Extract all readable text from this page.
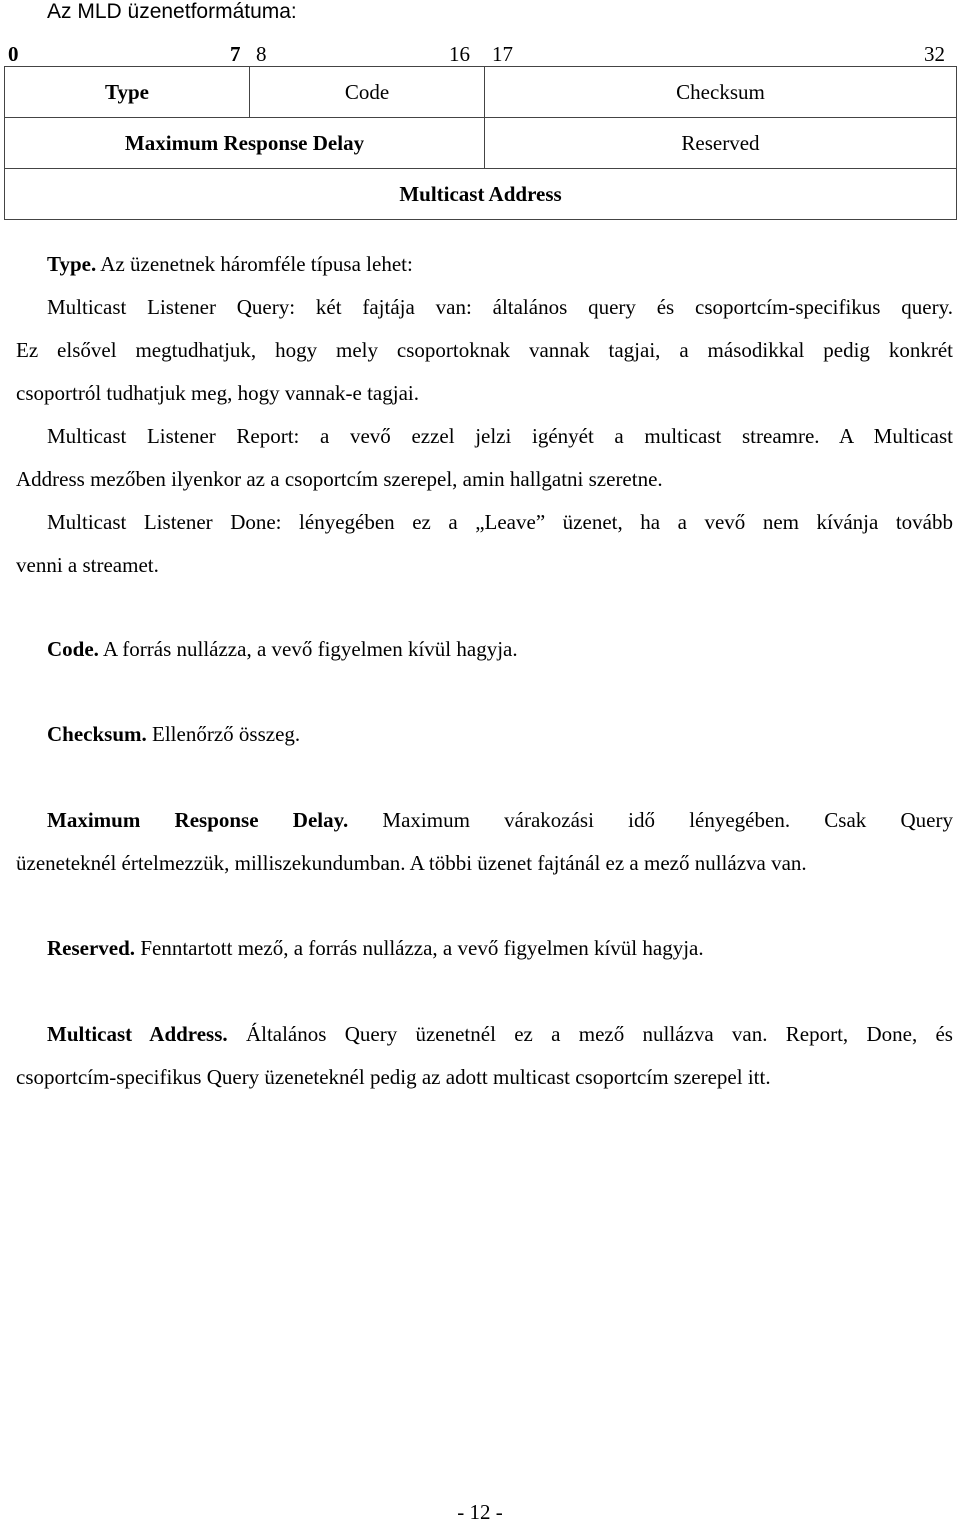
Az MLD üzenetformátuma:
0	7 8	16 17	32
Type	Code	Checksum
Maximum Response Delay		Reserved
Multicast Address		
Type. Az üzenetnek háromféle típusa lehet:
Multicast Listener Query: két fajtája van: általános query és csoportcím-specifikus query.
Ez elsővel megtudhatjuk, hogy mely csoportoknak vannak tagjai, a másodikkal pedig konkrét
csoportról tudhatjuk meg, hogy vannak-e tagjai.
Multicast Listener Report: a vevő ezzel jelzi igényét a multicast streamre. A Multicast
Address mezőben ilyenkor az a csoportcím szerepel, amin hallgatni szeretne.
Multicast Listener Done: lényegében ez a „Leave” üzenet, ha a vevő nem kívánja tovább
venni a streamet.
Code. A forrás nullázza, a vevő figyelmen kívül hagyja.
Checksum. Ellenőrző összeg.
Maximum Response Delay. Maximum várakozási idő lényegében. Csak Query
üzeneteknél értelmezzük, milliszekundumban. A többi üzenet fajtánál ez a mező nullázva van.
Reserved. Fenntartott mező, a forrás nullázza, a vevő figyelmen kívül hagyja.
Multicast Address. Általános Query üzenetnél ez a mező nullázva van. Report, Done, és
csoportcím-specifikus Query üzeneteknél pedig az adott multicast csoportcím szerepel itt.
- 12 -
